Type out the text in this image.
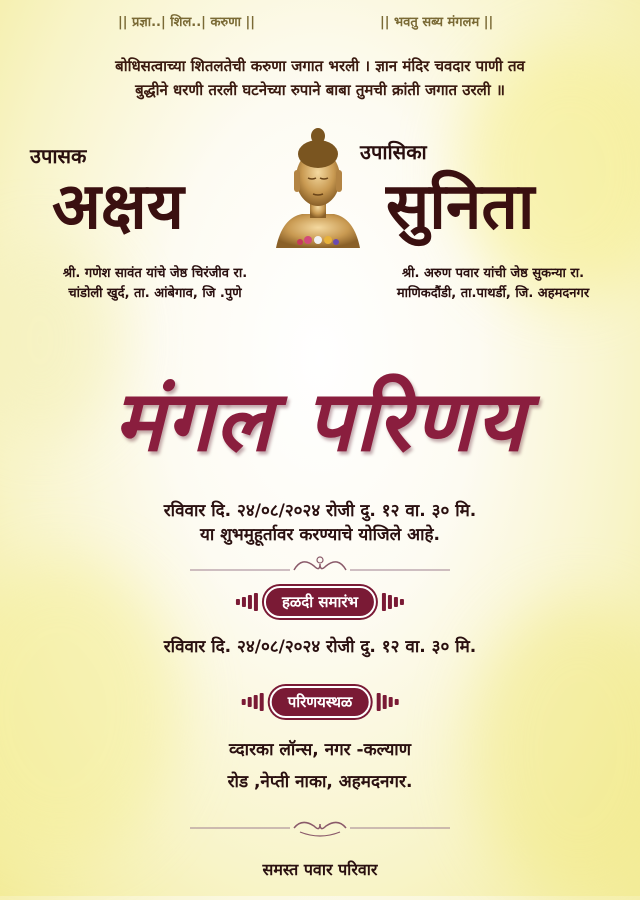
|| प्रज्ञा..| शिल..| करुणा ||	|| भवतु सब्य मंगलम ||
बोधिसत्वाच्या शितलतेची करुणा जगात भरली । ज्ञान मंदिर चवदार पाणी तव
बुद्धीने धरणी तरली घटनेच्या रुपाने बाबा तुमची क्रांती जगात उरली ॥
उपासक
अक्षय
श्री. गणेश सावंत यांचे जेष्ठ चिरंजीव रा.
चांडोली खुर्द, ता. आंबेगाव, जि .पुणे
उपासिका
सुनिता
श्री. अरुण पवार यांची जेष्ठ सुकन्या रा.
माणिकदौंडी, ता.पाथर्डी, जि. अहमदनगर
मंगल परिणय
रविवार दि. २४/०८/२०२४ रोजी दु. १२ वा. ३० मि.
या शुभमुहूर्तावर करण्याचे योजिले आहे.
हळदी समारंभ
रविवार दि. २४/०८/२०२४ रोजी दु. १२ वा. ३० मि.
परिणयस्थळ
व्दारका लॉन्स, नगर -कल्याण
रोड ,नेप्ती नाका, अहमदनगर.
समस्त पवार परिवार
